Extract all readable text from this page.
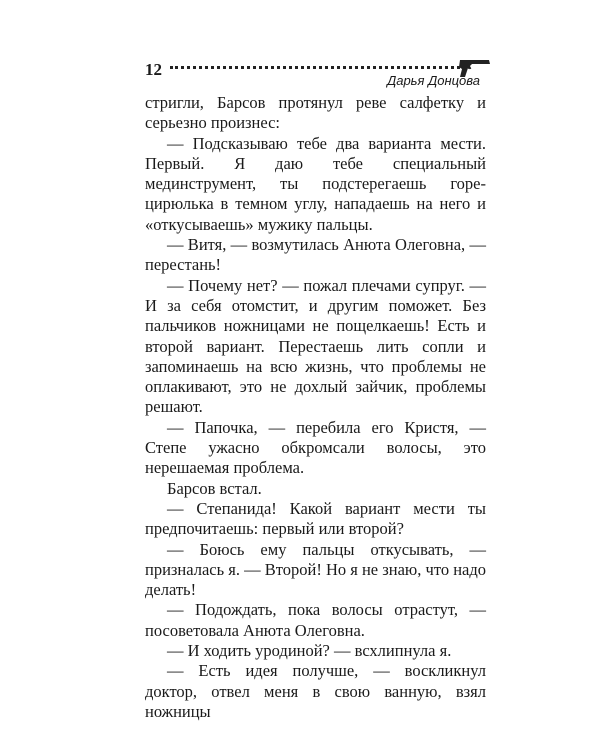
12
Дарья Донцова

стригли, Барсов протянул реве салфетку и серьезно произнес:

— Подсказываю тебе два варианта мести. Первый. Я даю тебе специальный мединструмент, ты подстерегаешь горе-цирюлька в темном углу, нападаешь на него и «откусываешь» мужику пальцы.

— Витя, — возмутилась Анюта Олеговна, — перестань!

— Почему нет? — пожал плечами супруг. — И за себя отомстит, и другим поможет. Без пальчиков ножницами не пощелкаешь! Есть и второй вариант. Перестаешь лить сопли и запоминаешь на всю жизнь, что проблемы не оплакивают, это не дохлый зайчик, проблемы решают.

— Папочка, — перебила его Кристя, — Степе ужасно обкромсали волосы, это нерешаемая проблема.

Барсов встал.

— Степанида! Какой вариант мести ты предпочитаешь: первый или второй?

— Боюсь ему пальцы откусывать, — призналась я. — Второй! Но я не знаю, что надо делать!

— Подождать, пока волосы отрастут, — посоветовала Анюта Олеговна.

— И ходить уродиной? — всхлипнула я.

— Есть идея получше, — воскликнул доктор, отвел меня в свою ванную, взял ножницы
